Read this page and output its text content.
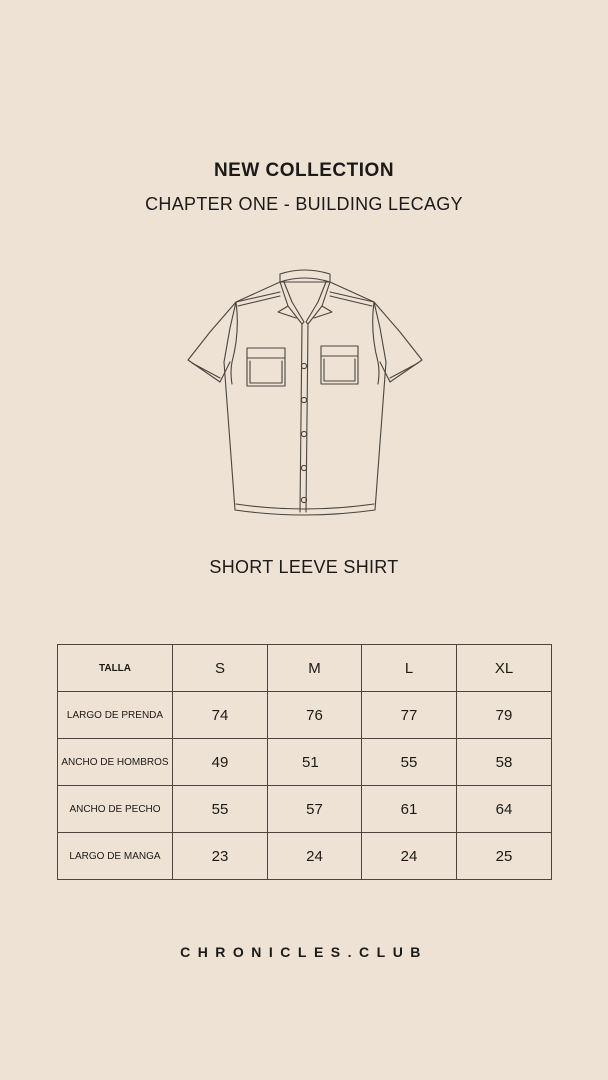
NEW COLLECTION
CHAPTER ONE - BUILDING LECAGY
SHORT LEEVE SHIRT
TALLA	S	M	L	XL
LARGO DE PRENDA	74	76	77	79
ANCHO DE HOMBROS	49	51	55	58
ANCHO DE PECHO	55	57	61	64
LARGO DE MANGA	23	24	24	25
CHRONICLES.CLUB
